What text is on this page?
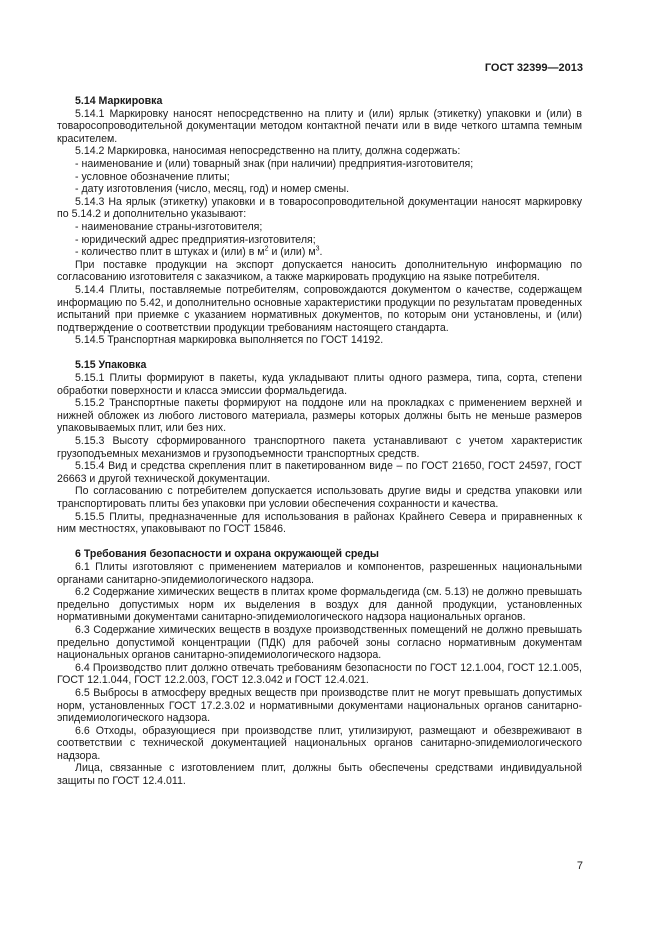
ГОСТ 32399—2013

5.14 Маркировка

5.14.1 Маркировку наносят непосредственно на плиту и (или) ярлык (этикетку) упаковки и (или) в товаросопроводительной документации методом контактной печати или в виде четкого штампа темным красителем.

5.14.2 Маркировка, наносимая непосредственно на плиту, должна содержать:

- наименование и (или) товарный знак (при наличии) предприятия-изготовителя;

- условное обозначение плиты;

- дату изготовления (число, месяц, год) и номер смены.

5.14.3 На ярлык (этикетку) упаковки и в товаросопроводительной документации наносят маркировку по 5.14.2 и дополнительно указывают:

- наименование страны-изготовителя;

- юридический адрес предприятия-изготовителя;

- количество плит в штуках и (или) в $м^2$ и (или) $м^3$.

При поставке продукции на экспорт допускается наносить дополнительную информацию по согласованию изготовителя с заказчиком, а также маркировать продукцию на языке потребителя.

5.14.4 Плиты, поставляемые потребителям, сопровождаются документом о качестве, содержащем информацию по 5.42, и дополнительно основные характеристики продукции по результатам проведенных испытаний при приемке с указанием нормативных документов, по которым они установлены, и (или) подтверждение о соответствии продукции требованиям настоящего стандарта.

5.14.5 Транспортная маркировка выполняется по ГОСТ 14192.

5.15 Упаковка

5.15.1 Плиты формируют в пакеты, куда укладывают плиты одного размера, типа, сорта, степени обработки поверхности и класса эмиссии формальдегида.

5.15.2 Транспортные пакеты формируют на поддоне или на прокладках с применением верхней и нижней обложек из любого листового материала, размеры которых должны быть не меньше размеров упаковываемых плит, или без них.

5.15.3 Высоту сформированного транспортного пакета устанавливают с учетом характеристик грузоподъемных механизмов и грузоподъемности транспортных средств.

5.15.4 Вид и средства скрепления плит в пакетированном виде – по ГОСТ 21650, ГОСТ 24597, ГОСТ 26663 и другой технической документации.

По согласованию с потребителем допускается использовать другие виды и средства упаковки или транспортировать плиты без упаковки при условии обеспечения сохранности и качества.

5.15.5 Плиты, предназначенные для использования в районах Крайнего Севера и приравненных к ним местностях, упаковывают по ГОСТ 15846.

6 Требования безопасности и охрана окружающей среды

6.1 Плиты изготовляют с применением материалов и компонентов, разрешенных национальными органами санитарно-эпидемиологического надзора.

6.2 Содержание химических веществ в плитах кроме формальдегида (см. 5.13) не должно превышать предельно допустимых норм их выделения в воздух для данной продукции, установленных нормативными документами санитарно-эпидемиологического надзора национальных органов.

6.3 Содержание химических веществ в воздухе производственных помещений не должно превышать предельно допустимой концентрации (ПДК) для рабочей зоны согласно нормативным документам национальных органов санитарно-эпидемиологического надзора.

6.4 Производство плит должно отвечать требованиям безопасности по ГОСТ 12.1.004, ГОСТ 12.1.005, ГОСТ 12.1.044, ГОСТ 12.2.003, ГОСТ 12.3.042 и ГОСТ 12.4.021.

6.5 Выбросы в атмосферу вредных веществ при производстве плит не могут превышать допустимых норм, установленных ГОСТ 17.2.3.02 и нормативными документами национальных органов санитарно-эпидемиологического надзора.

6.6 Отходы, образующиеся при производстве плит, утилизируют, размещают и обезвреживают в соответствии с технической документацией национальных органов санитарно-эпидемиологического надзора.

Лица, связанные с изготовлением плит, должны быть обеспечены средствами индивидуальной защиты по ГОСТ 12.4.011.

7
